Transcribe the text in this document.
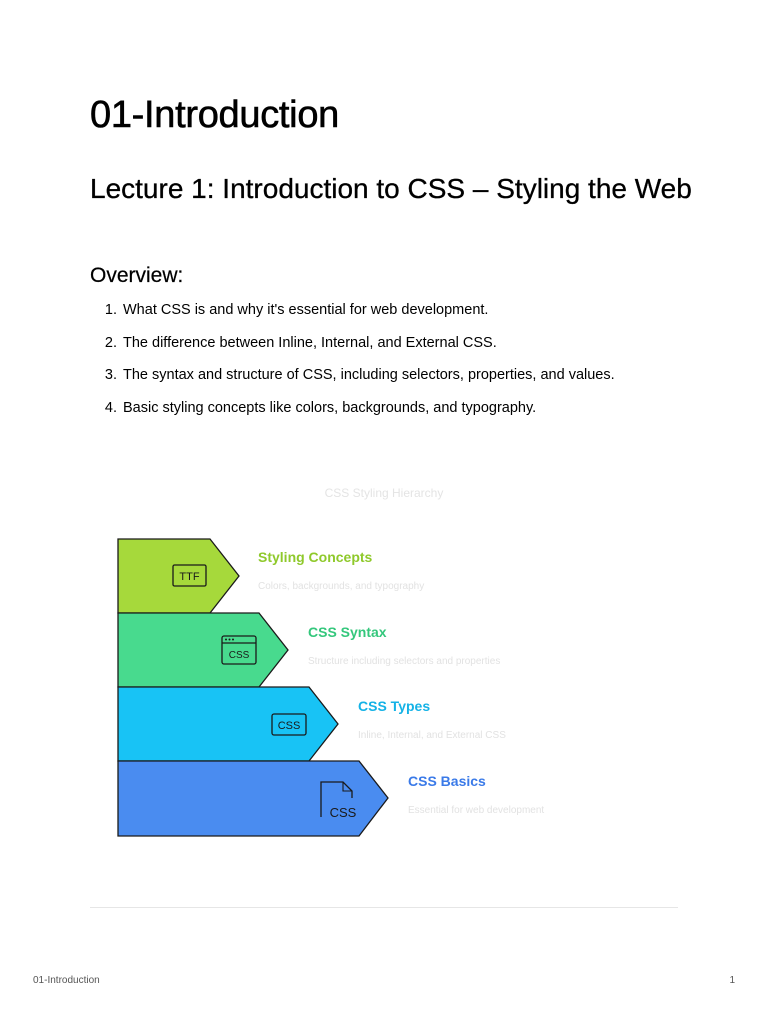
01-Introduction
Lecture 1: Introduction to CSS – Styling the Web
Overview:
1. What CSS is and why it's essential for web development.
2. The difference between Inline, Internal, and External CSS.
3. The syntax and structure of CSS, including selectors, properties, and values.
4. Basic styling concepts like colors, backgrounds, and typography.
CSS Styling Hierarchy
TTF
Styling Concepts
Colors, backgrounds, and typography
CSS
CSS Syntax
Structure including selectors and properties
CSS
CSS Types
Inline, Internal, and External CSS
CSS
CSS Basics
Essential for web development
01-Introduction	1
